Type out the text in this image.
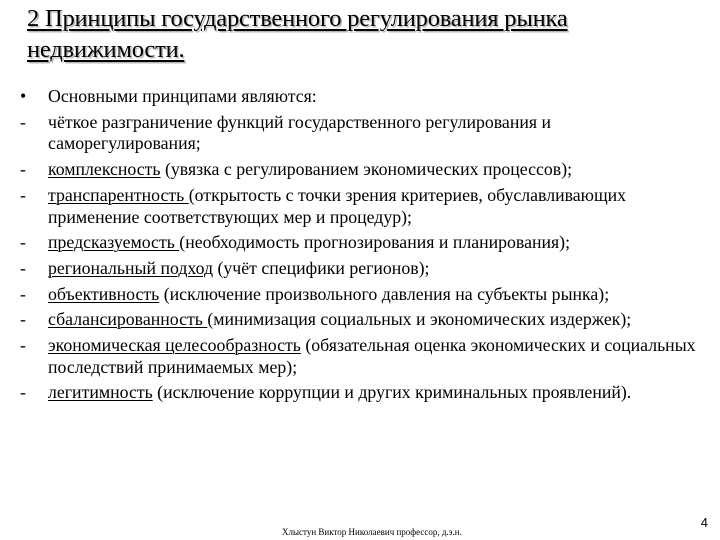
2 Принципы государственного регулирования рынка недвижимости.
•	Основными принципами являются:
-	чёткое разграничение функций государственного регулирования и саморегулирования;
-	комплексность (увязка с регулированием экономических процессов);
-	транспарентность (открытость с точки зрения критериев, обуславливающих применение соответствующих мер и процедур);
-	предсказуемость (необходимость прогнозирования и планирования);
-	региональный подход (учёт специфики регионов);
-	объективность (исключение произвольного давления на субъекты рынка);
-	сбалансированность (минимизация социальных и экономических издержек);
-	экономическая целесообразность (обязательная оценка экономических и социальных последствий принимаемых мер);
-	легитимность (исключение коррупции и других криминальных проявлений).
Хлыстун Виктор Николаевич профессор, д.э.н.
4
